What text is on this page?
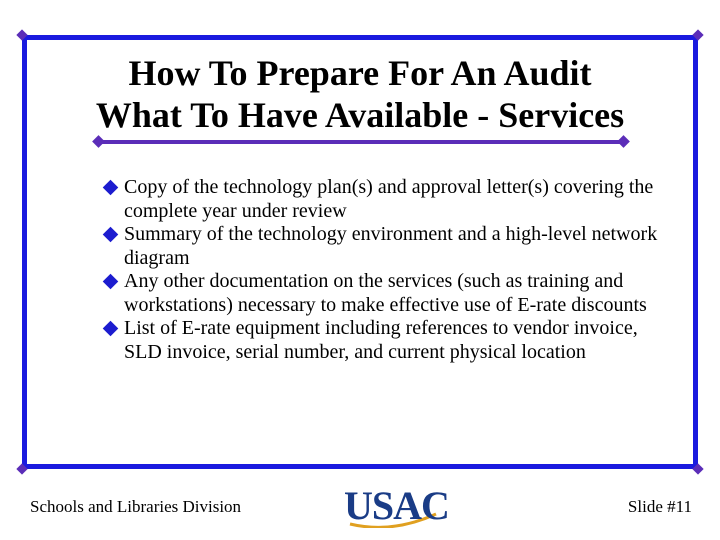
How To Prepare For An Audit
What To Have Available - Services
Copy of the technology plan(s) and approval letter(s) covering the complete year under review
Summary of the technology environment and a high-level network diagram
Any other documentation on the services (such as training and workstations) necessary to make effective use of E-rate discounts
List of E-rate equipment including references to vendor invoice, SLD invoice, serial number, and current physical location
Schools and Libraries Division	USAC	Slide #11
